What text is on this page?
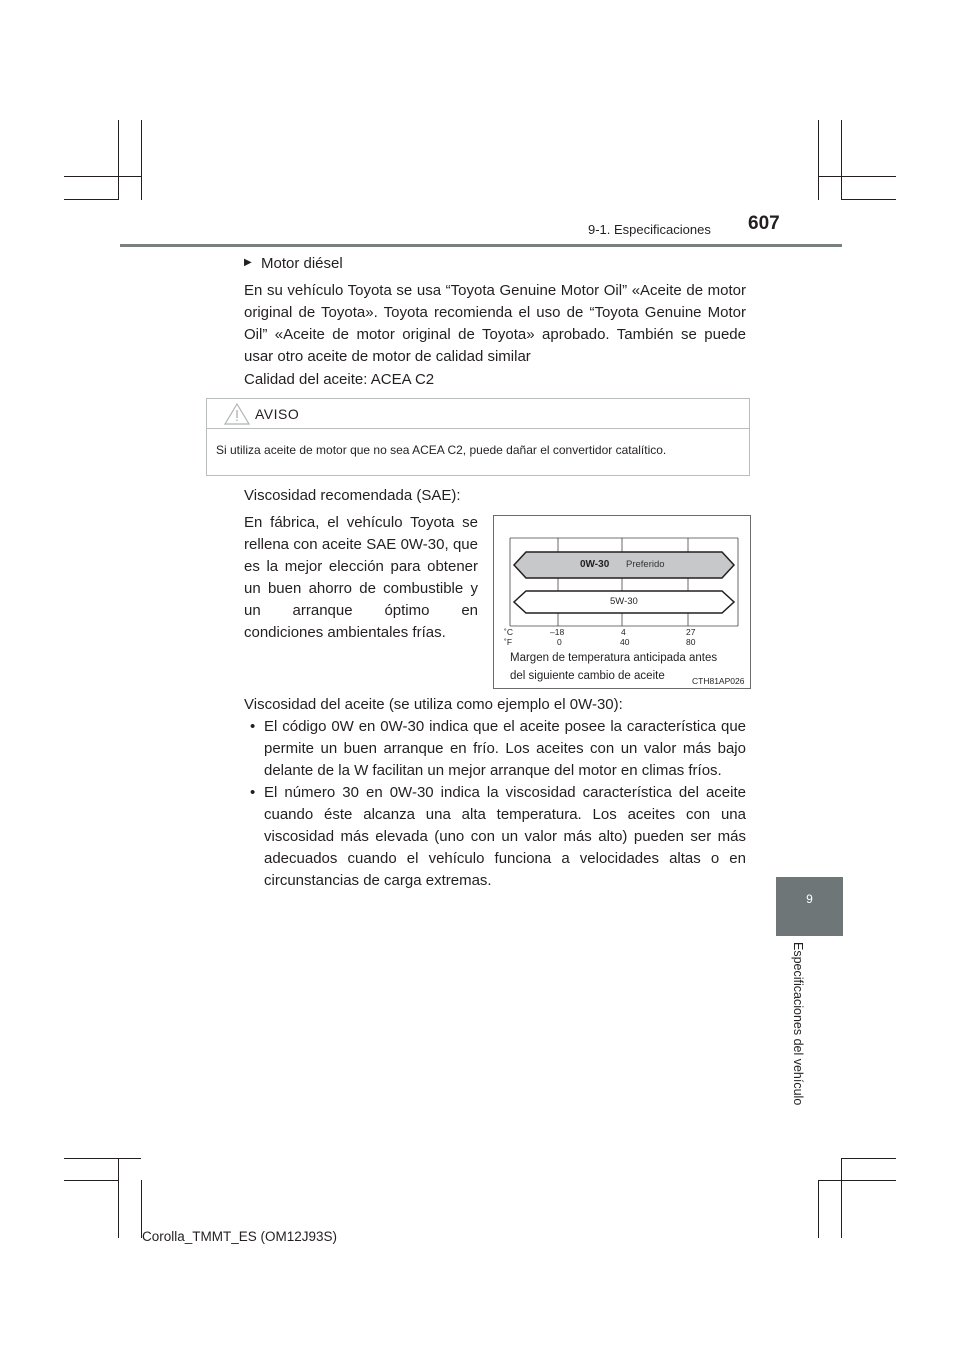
9-1. Especificaciones 607
9
Especificaciones del vehículo
▶ Motor diésel
En su vehículo Toyota se usa “Toyota Genuine Motor Oil” «Aceite de motor original de Toyota». Toyota recomienda el uso de “Toyota Genuine Motor Oil” «Aceite de motor original de Toyota» aprobado. También se puede usar otro aceite de motor de calidad similar
Calidad del aceite: ACEA C2
AVISO
Si utiliza aceite de motor que no sea ACEA C2, puede dañar el convertidor catalítico.
Viscosidad recomendada (SAE):
En fábrica, el vehículo Toyota se rellena con aceite SAE 0W-30, que es la mejor elección para obtener un buen ahorro de combustible y un arranque óptimo en condiciones ambientales frías.
0W-30 Preferido
5W-30
˚C
˚F
–18	4	27
0	40	80
Margen de temperatura anticipada antes
del siguiente cambio de aceite	CTH81AP026
Viscosidad del aceite (se utiliza como ejemplo el 0W-30):
• El código 0W en 0W-30 indica que el aceite posee la característica que permite un buen arranque en frío. Los aceites con un valor más bajo delante de la W facilitan un mejor arranque del motor en climas fríos.
• El número 30 en 0W-30 indica la viscosidad característica del aceite cuando éste alcanza una alta temperatura. Los aceites con una viscosidad más elevada (uno con un valor más alto) pueden ser más adecuados cuando el vehículo funciona a velocidades altas o en circunstancias de carga extremas.
Corolla_TMMT_ES (OM12J93S)
